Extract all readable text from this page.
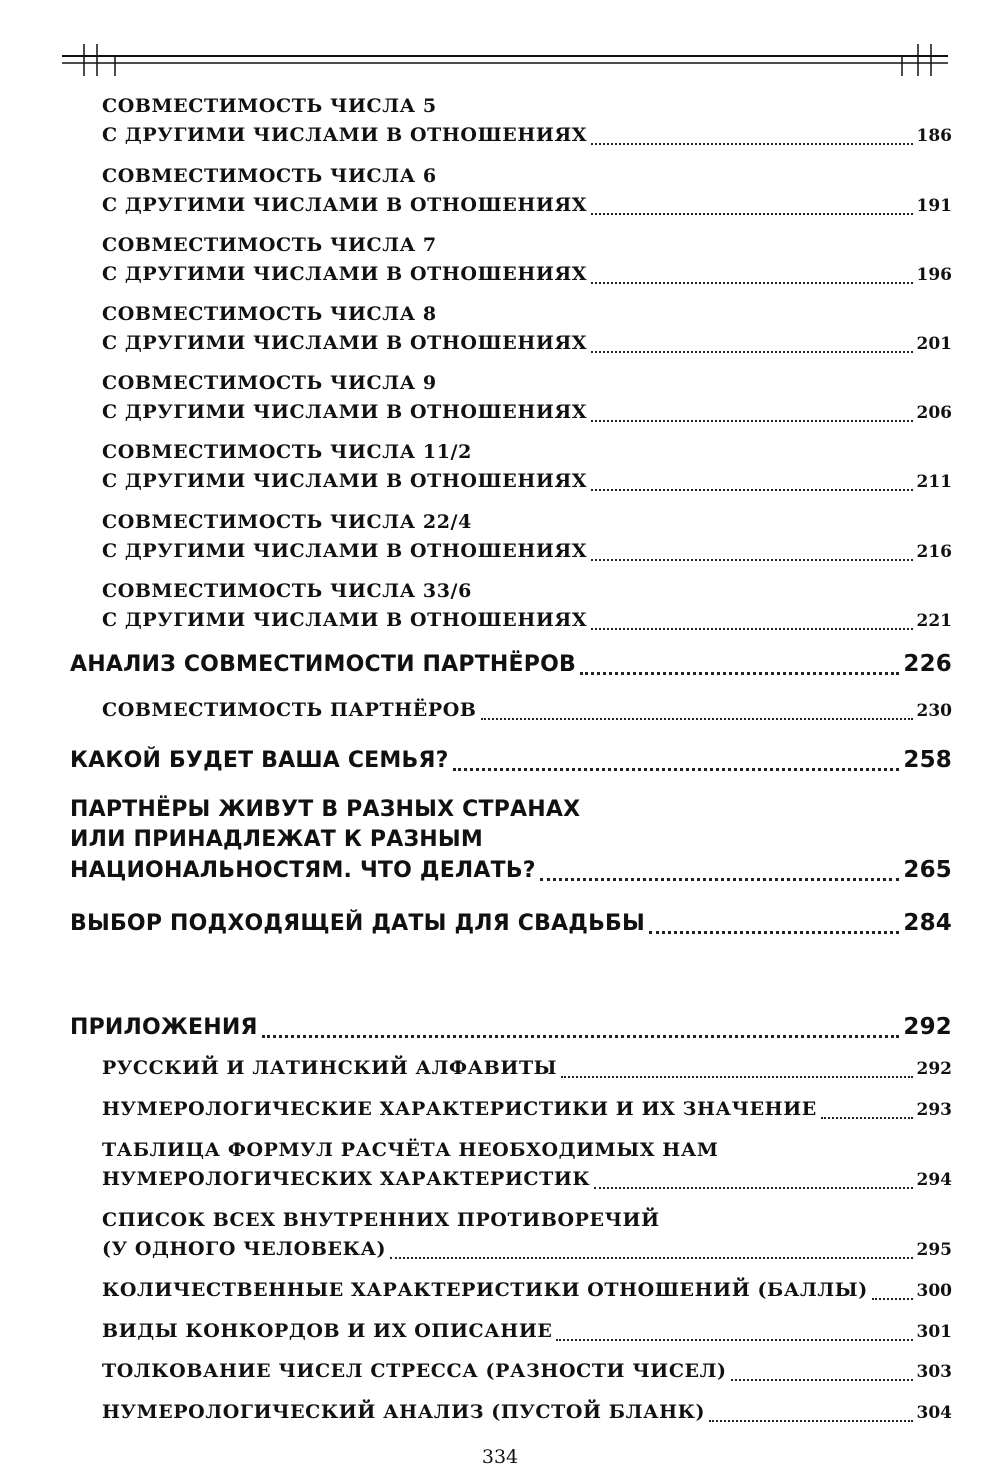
СОВМЕСТИМОСТЬ ЧИСЛА 5
С ДРУГИМИ ЧИСЛАМИ В ОТНОШЕНИЯХ	186
СОВМЕСТИМОСТЬ ЧИСЛА 6
С ДРУГИМИ ЧИСЛАМИ В ОТНОШЕНИЯХ	191
СОВМЕСТИМОСТЬ ЧИСЛА 7
С ДРУГИМИ ЧИСЛАМИ В ОТНОШЕНИЯХ	196
СОВМЕСТИМОСТЬ ЧИСЛА 8
С ДРУГИМИ ЧИСЛАМИ В ОТНОШЕНИЯХ	201
СОВМЕСТИМОСТЬ ЧИСЛА 9
С ДРУГИМИ ЧИСЛАМИ В ОТНОШЕНИЯХ	206
СОВМЕСТИМОСТЬ ЧИСЛА 11/2
С ДРУГИМИ ЧИСЛАМИ В ОТНОШЕНИЯХ	211
СОВМЕСТИМОСТЬ ЧИСЛА 22/4
С ДРУГИМИ ЧИСЛАМИ В ОТНОШЕНИЯХ	216
СОВМЕСТИМОСТЬ ЧИСЛА 33/6
С ДРУГИМИ ЧИСЛАМИ В ОТНОШЕНИЯХ	221
АНАЛИЗ СОВМЕСТИМОСТИ ПАРТНЁРОВ	226
СОВМЕСТИМОСТЬ ПАРТНЁРОВ	230
КАКОЙ БУДЕТ ВАША СЕМЬЯ?	258
ПАРТНЁРЫ ЖИВУТ В РАЗНЫХ СТРАНАХ
ИЛИ ПРИНАДЛЕЖАТ К РАЗНЫМ
НАЦИОНАЛЬНОСТЯМ. ЧТО ДЕЛАТЬ?	265
ВЫБОР ПОДХОДЯЩЕЙ ДАТЫ ДЛЯ СВАДЬБЫ	284
ПРИЛОЖЕНИЯ	292
РУССКИЙ И ЛАТИНСКИЙ АЛФАВИТЫ	292
НУМЕРОЛОГИЧЕСКИЕ ХАРАКТЕРИСТИКИ И ИХ ЗНАЧЕНИЕ	293
ТАБЛИЦА ФОРМУЛ РАСЧЁТА НЕОБХОДИМЫХ НАМ
НУМЕРОЛОГИЧЕСКИХ ХАРАКТЕРИСТИК	294
СПИСОК ВСЕХ ВНУТРЕННИХ ПРОТИВОРЕЧИЙ
(У ОДНОГО ЧЕЛОВЕКА)	295
КОЛИЧЕСТВЕННЫЕ ХАРАКТЕРИСТИКИ ОТНОШЕНИЙ (БАЛЛЫ)	300
ВИДЫ КОНКОРДОВ И ИХ ОПИСАНИЕ	301
ТОЛКОВАНИЕ ЧИСЕЛ СТРЕССА (РАЗНОСТИ ЧИСЕЛ)	303
НУМЕРОЛОГИЧЕСКИЙ АНАЛИЗ (ПУСТОЙ БЛАНК)	304
334
